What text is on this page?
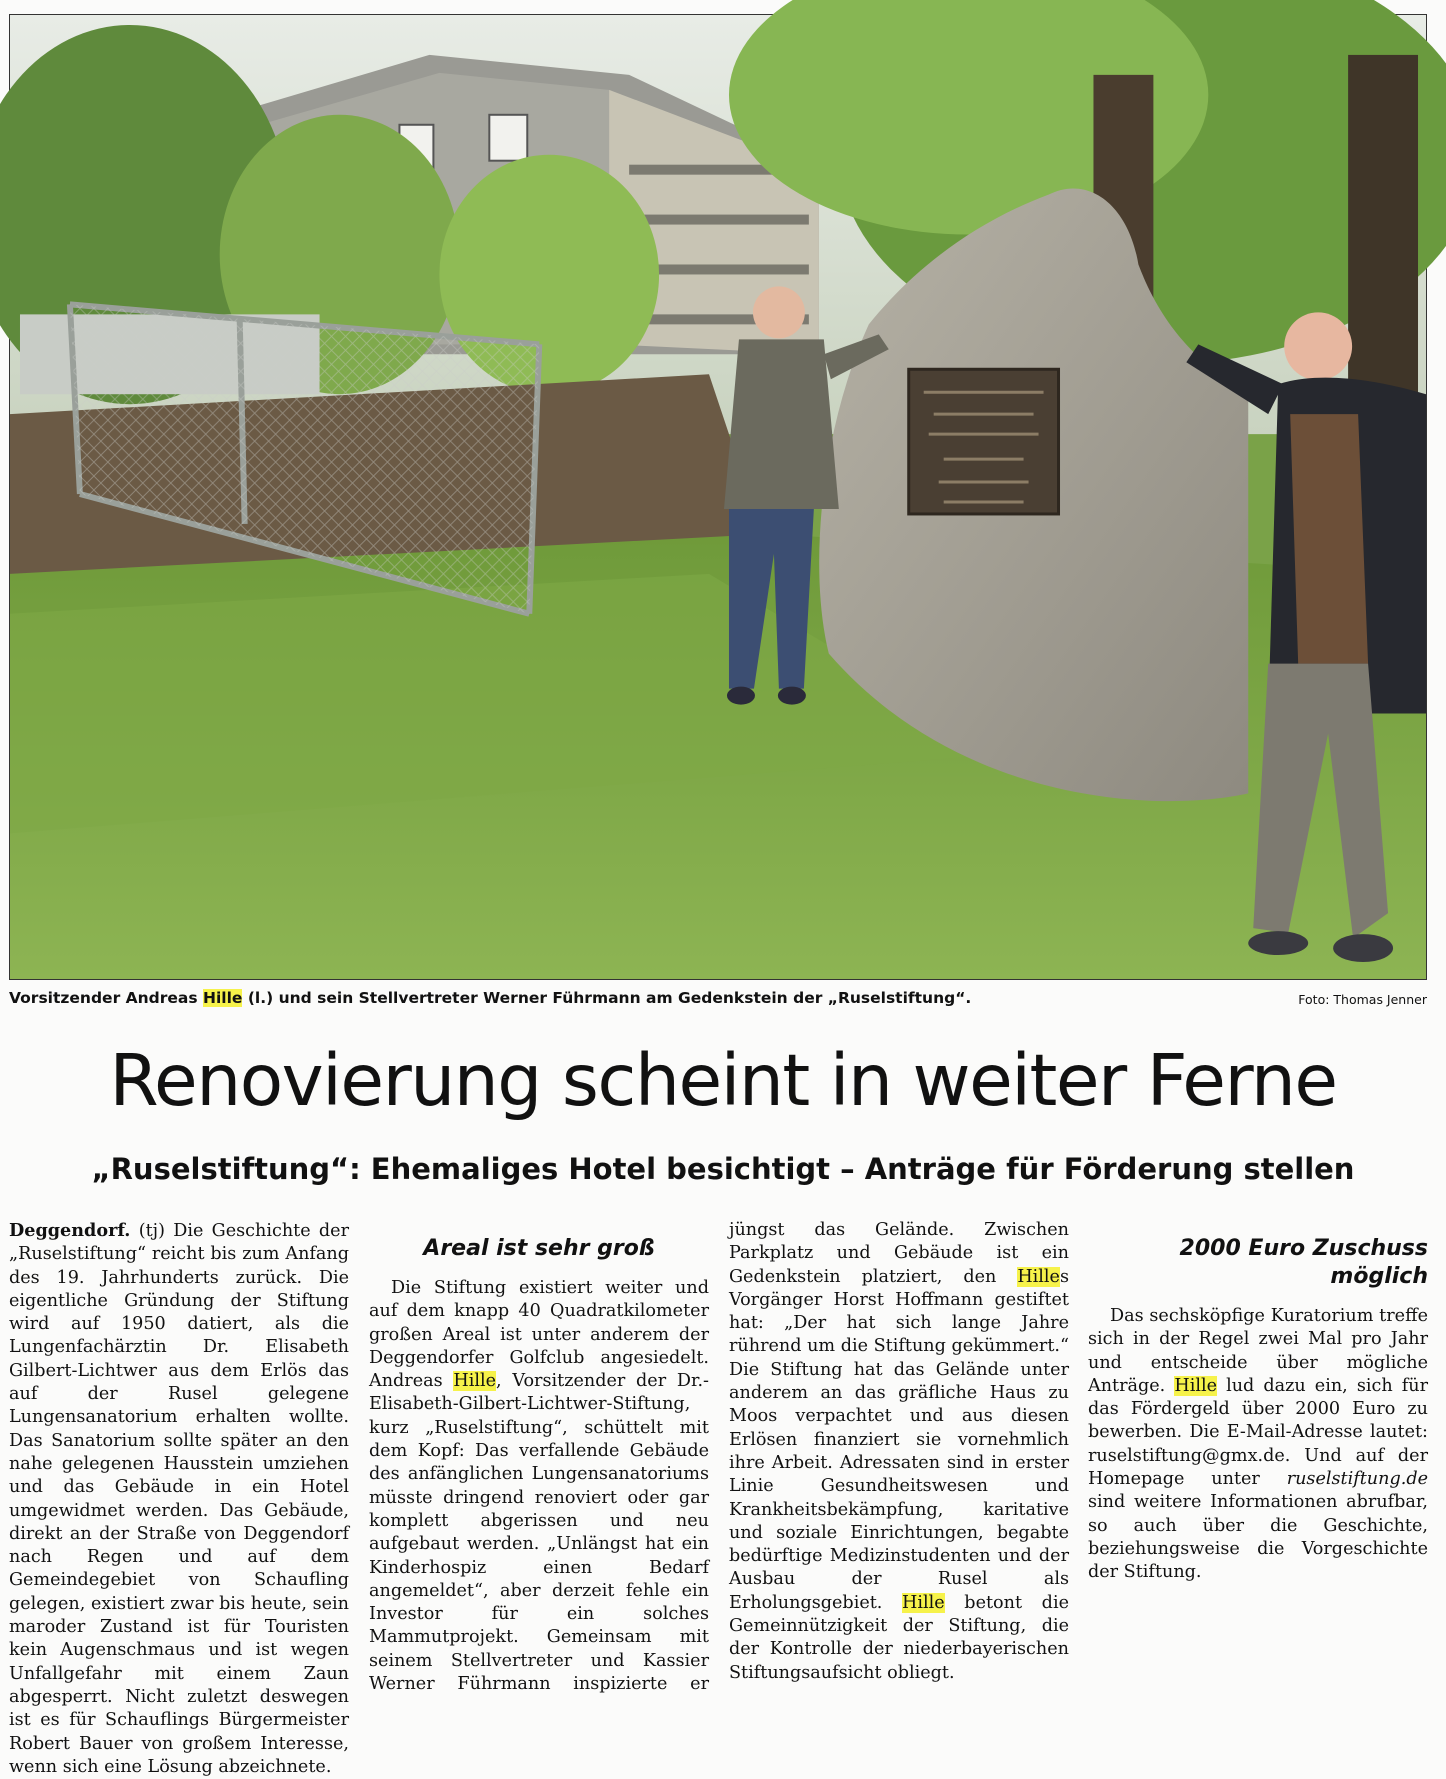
Vorsitzender Andreas Hille (l.) und sein Stellvertreter Werner Führmann am Gedenkstein der „Ruselstiftung“.	Foto: Thomas Jenner
Renovierung scheint in weiter Ferne
„Ruselstiftung“: Ehemaliges Hotel besichtigt – Anträge für Förderung stellen

Deggendorf. (tj) Die Geschichte der „Ruselstiftung“ reicht bis zum Anfang des 19. Jahrhunderts zurück. Die eigentliche Gründung der Stiftung wird auf 1950 datiert, als die Lungenfachärztin Dr. Elisabeth Gilbert-Lichtwer aus dem Erlös das auf der Rusel gelegene Lungensanatorium erhalten wollte. Das Sanatorium sollte später an den nahe gelegenen Hausstein umziehen und das Gebäude in ein Hotel umgewidmet werden. Das Gebäude, direkt an der Straße von Deggendorf nach Regen und auf dem Gemeindegebiet von Schaufling gelegen, existiert zwar bis heute, sein maroder Zustand ist für Touristen kein Augenschmaus und ist wegen Unfallgefahr mit einem Zaun abgesperrt. Nicht zuletzt deswegen ist es für Schauflings Bürgermeister Robert Bauer von großem Interesse, wenn sich eine Lösung abzeichnete.

Areal ist sehr groß

Die Stiftung existiert weiter und auf dem knapp 40 Quadratkilometer großen Areal ist unter anderem der Deggendorfer Golfclub angesiedelt. Andreas Hille, Vorsitzender der Dr.-Elisabeth-Gilbert-Lichtwer-Stiftung, kurz „Ruselstiftung“, schüttelt mit dem Kopf: Das verfallende Gebäude des anfänglichen Lungensanatoriums müsste dringend renoviert oder gar komplett abgerissen und neu aufgebaut werden. „Unlängst hat ein Kinderhospiz einen Bedarf angemeldet“, aber derzeit fehle ein Investor für ein solches Mammutprojekt. Gemeinsam mit seinem Stellvertreter und Kassier Werner Führmann inspizierte er jüngst das Gelände. Zwischen Parkplatz und Gebäude ist ein Gedenkstein platziert, den Hilles Vorgänger Horst Hoffmann gestiftet hat: „Der hat sich lange Jahre rührend um die Stiftung gekümmert.“ Die Stiftung hat das Gelände unter anderem an das gräfliche Haus zu Moos verpachtet und aus diesen Erlösen finanziert sie vornehmlich ihre Arbeit. Adressaten sind in erster Linie Gesundheitswesen und Krankheitsbekämpfung, karitative und soziale Einrichtungen, begabte bedürftige Medizinstudenten und der Ausbau der Rusel als Erholungsgebiet. Hille betont die Gemeinnützigkeit der Stiftung, die der Kontrolle der niederbayerischen Stiftungsaufsicht obliegt.

2000 Euro Zuschuss möglich

Das sechsköpfige Kuratorium treffe sich in der Regel zwei Mal pro Jahr und entscheide über mögliche Anträge. Hille lud dazu ein, sich für das Fördergeld über 2000 Euro zu bewerben. Die E-Mail-Adresse lautet: ruselstiftung@gmx.de. Und auf der Homepage unter ruselstiftung.de sind weitere Informationen abrufbar, so auch über die Geschichte, beziehungsweise die Vorgeschichte der Stiftung.
